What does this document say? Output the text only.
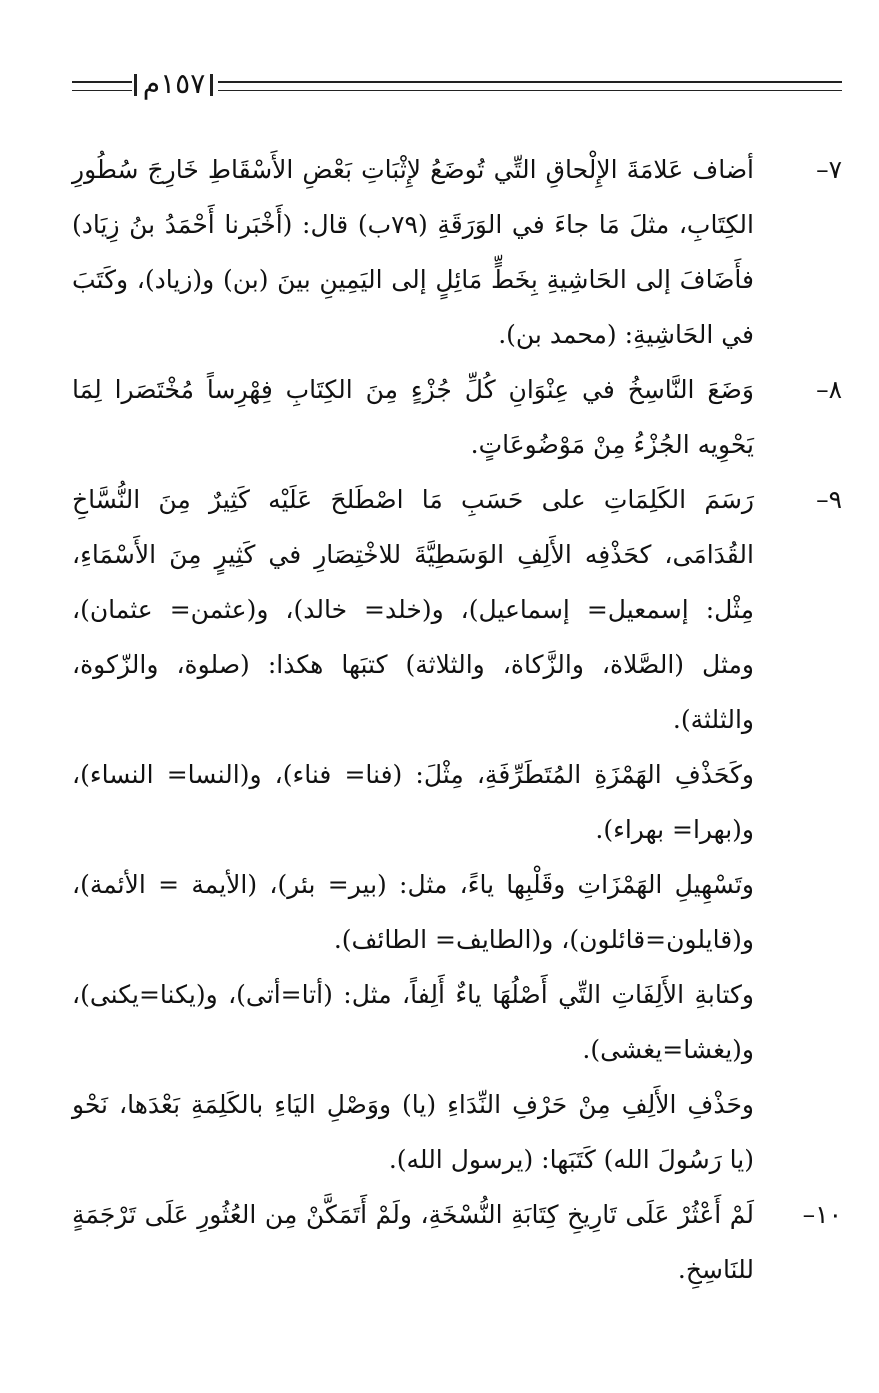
١٥٧م
٧–

أضاف عَلامَةَ الإِلْحاقِ التِّي تُوضَعُ لإِثْبَاتِ بَعْضِ الأَسْقَاطِ خَارِجَ سُطُورِ الكِتَابِ، مثلَ مَا جاءَ في الوَرَقَةِ (٧٩ب) قال: (أَخْبَرنا أَحْمَدُ بنُ زِيَاد) فأَضَافَ إلى الحَاشِيةِ بِخَطٍّ مَائِلٍ إلى اليَمِينِ بينَ (بن) و(زياد)، وكَتَبَ في الحَاشِيةِ: (محمد بن).

٨–

وَضَعَ النَّاسِخُ في عِنْوَانِ كُلِّ جُزْءٍ مِنَ الكِتَابِ فِهْرِساً مُخْتَصَرا لِمَا يَحْوِيه الجُزْءُ مِنْ مَوْضُوعَاتٍ.

٩–

رَسَمَ الكَلِمَاتِ على حَسَبِ مَا اصْطَلحَ عَلَيْه كَثِيرٌ مِنَ النُّسَّاخِ القُدَامَى، كحَذْفِه الأَلِفِ الوَسَطِيَّةَ للاخْتِصَارِ في كَثِيرٍ مِنَ الأَسْمَاءِ، مِثْل: إسمعيل= إسماعيل)، و(خلد= خالد)، و(عثمن= عثمان)، ومثل (الصَّلاة، والزَّكاة، والثلاثة) كتبَها هكذا: (صلوة، والزّكوة، والثلثة).

وكَحَذْفِ الهَمْزَةِ المُتَطَرِّفَةِ، مِثْلَ: (فنا= فناء)، و(النسا= النساء)، و(بهرا= بهراء).

وتَسْهِيلِ الهَمْزَاتِ وقَلْبِها ياءً، مثل: (بير= بئر)، (الأيمة = الأئمة)، و(قايلون=قائلون)، و(الطايف= الطائف).

وكتابةِ الأَلِفَاتِ التِّي أَصْلُهَا ياءٌ أَلِفاً، مثل: (أتا=أتى)، و(يكنا=يكنى)، و(يغشا=يغشى).

وحَذْفِ الأَلِفِ مِنْ حَرْفِ النِّدَاءِ (يا) ووَصْلِ اليَاءِ بالكَلِمَةِ بَعْدَها، نَحْو (يا رَسُولَ الله) كَتَبَها: (يرسول الله).

١٠–

لَمْ أَعْثُرْ عَلَى تَارِيخِ كِتَابَةِ النُّسْخَةِ، ولَمْ أَتَمَكَّنْ مِن العُثُورِ عَلَى تَرْجَمَةٍ للنَاسِخِ.
